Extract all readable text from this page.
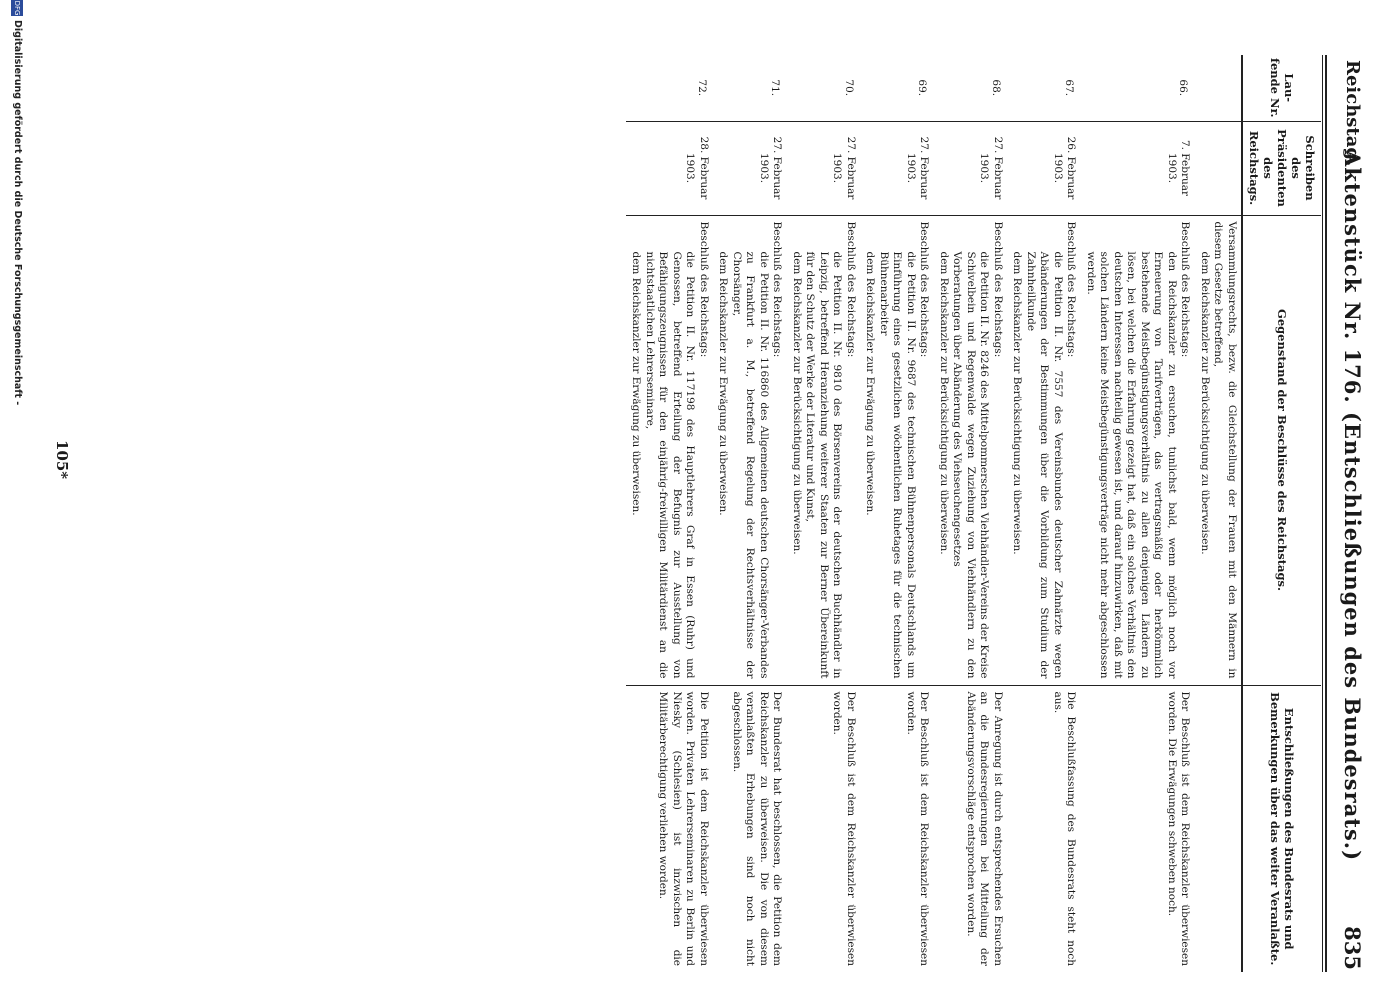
Reichstag.
Aktenstück Nr. 176. (Entschließungen des Bundesrats.)
835
Lau-fende Nr.	Schreiben des Präsidenten des Reichstags.	Gegenstand der Beschlüsse des Reichstags.	Entschließungen des Bundesrats und Bemerkungen über das weiter Veranlaßte.

		Versammlungsrechts, bezw. die Gleichstellung der Frauen mit den Männern in diesem Gesetze betreffend,
dem Reichskanzler zur Berücksichtigung zu überweisen.	

66.	7. Februar 1903.	Beschluß des Reichstags:
den Reichskanzler zu ersuchen, tunlichst bald, wenn möglich noch vor Erneuerung von Tarifverträgen, das vertragsmäßig oder herkömmlich bestehende Meistbegünstigungsverhältnis zu allen denjenigen Ländern zu lösen, bei welchen die Erfahrung gezeigt hat, daß ein solches Verhältnis den deutschen Interessen nachteilig gewesen ist, und darauf hinzuwirken, daß mit solchen Ländern keine Meistbegünstigungsverträge nicht mehr abgeschlossen werden.	Der Beschluß ist dem Reichskanzler überwiesen worden. Die Erwägungen schweben noch.
67.	26. Februar 1903.	Beschluß des Reichstags:
die Petition II. Nr. 7557 des Vereinsbundes deutscher Zahnärzte wegen Abänderungen der Bestimmungen über die Vorbildung zum Studium der Zahnheilkunde
dem Reichskanzler zur Berücksichtigung zu überweisen.	Die Beschlußfassung des Bundesrats steht noch aus.
68.	27. Februar 1903.	Beschluß des Reichstags:
die Petition II. Nr. 8246 des Mittelpommerschen Viehhändler-Vereins der Kreise Schivelbein und Regenwalde wegen Zuziehung von Viehhändlern zu den Vorberatungen über Abänderung des Viehseuchengesetzes
dem Reichskanzler zur Berücksichtigung zu überweisen.	Der Anregung ist durch entsprechendes Ersuchen an die Bundesregierungen bei Mitteilung der Abänderungsvorschläge entsprochen worden.
69.	27. Februar 1903.	Beschluß des Reichstags:
die Petition II. Nr. 9687 des technischen Bühnenpersonals Deutschlands um Einführung eines gesetzlichen wöchentlichen Ruhetages für die technischen Bühnenarbeiter
dem Reichskanzler zur Erwägung zu überweisen.	Der Beschluß ist dem Reichskanzler überwiesen worden.
70.	27. Februar 1903.	Beschluß des Reichstags:
die Petition II. Nr. 9810 des Börsenvereins der deutschen Buchhändler in Leipzig, betreffend Heranziehung weiterer Staaten zur Berner Übereinkunft für den Schutz der Werke der Literatur und Kunst,
dem Reichskanzler zur Berücksichtigung zu überweisen.	Der Beschluß ist dem Reichskanzler überwiesen worden.
71.	27. Februar 1903.	Beschluß des Reichstags:
die Petition II. Nr. 116860 des Allgemeinen deutschen Chorsänger-Verbandes zu Frankfurt a. M., betreffend Regelung der Rechtsverhältnisse der Chorsänger,
dem Reichskanzler zur Erwägung zu überweisen.	Der Bundesrat hat beschlossen, die Petition dem Reichskanzler zu überweisen. Die von diesem veranlaßten Erhebungen sind noch nicht abgeschlossen.
72.	28. Februar 1903.	Beschluß des Reichstags:
die Petition II. Nr. 117198 des Hauptlehrers Graf in Essen (Ruhr) und Genossen, betreffend Erteilung der Befugnis zur Ausstellung von Befähigungszeugnissen für den einjährig-freiwilligen Militärdienst an die nichtstaatlichen Lehrerseminare,
dem Reichskanzler zur Erwägung zu überweisen.	Die Petition ist dem Reichskanzler überwiesen worden. Privaten Lehrerseminaren zu Berlin und Niesky (Schlesien) ist inzwischen die Militärberechtigung verliehen worden.
105*
DFG
Digitalisierung gefördert durch die Deutsche Forschungsgemeinschaft -
